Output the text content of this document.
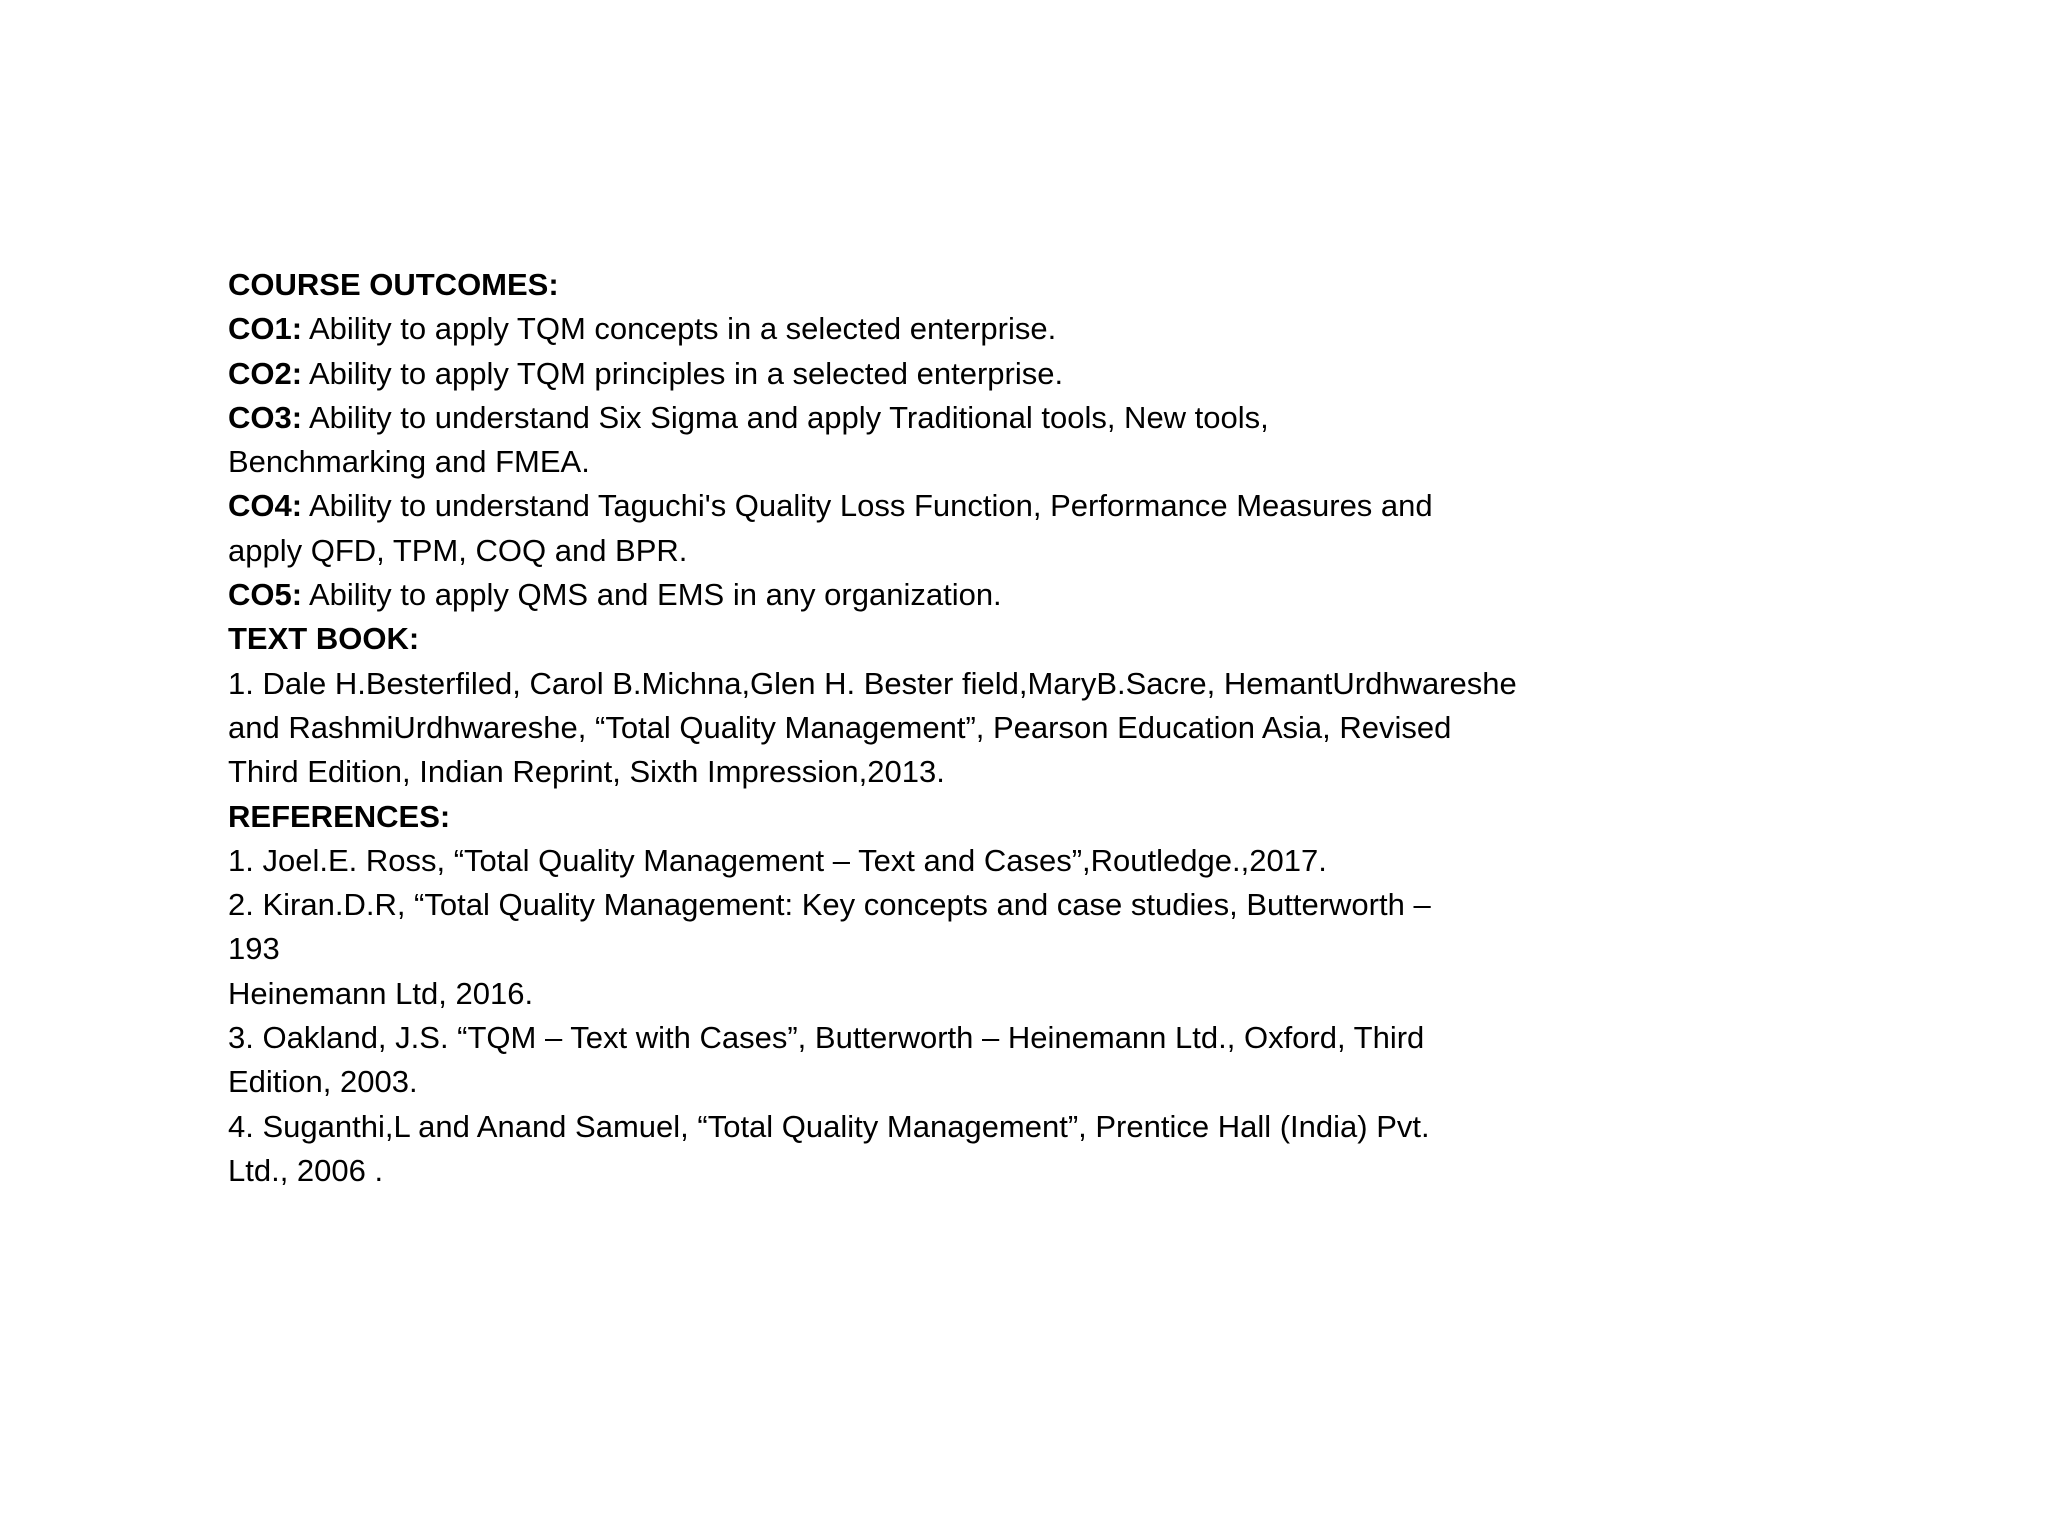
COURSE OUTCOMES:

CO1: Ability to apply TQM concepts in a selected enterprise.

CO2: Ability to apply TQM principles in a selected enterprise.

CO3: Ability to understand Six Sigma and apply Traditional tools, New tools,

Benchmarking and FMEA.

CO4: Ability to understand Taguchi's Quality Loss Function, Performance Measures and

apply QFD, TPM, COQ and BPR.

CO5: Ability to apply QMS and EMS in any organization.

TEXT BOOK:

1. Dale H.Besterfiled, Carol B.Michna,Glen H. Bester field,MaryB.Sacre, HemantUrdhwareshe

and RashmiUrdhwareshe, “Total Quality Management”, Pearson Education Asia, Revised

Third Edition, Indian Reprint, Sixth Impression,2013.

REFERENCES:

1. Joel.E. Ross, “Total Quality Management – Text and Cases”,Routledge.,2017.

2. Kiran.D.R, “Total Quality Management: Key concepts and case studies, Butterworth –

193

Heinemann Ltd, 2016.

3. Oakland, J.S. “TQM – Text with Cases”, Butterworth – Heinemann Ltd., Oxford, Third

Edition, 2003.

4. Suganthi,L and Anand Samuel, “Total Quality Management”, Prentice Hall (India) Pvt.

Ltd., 2006 .
